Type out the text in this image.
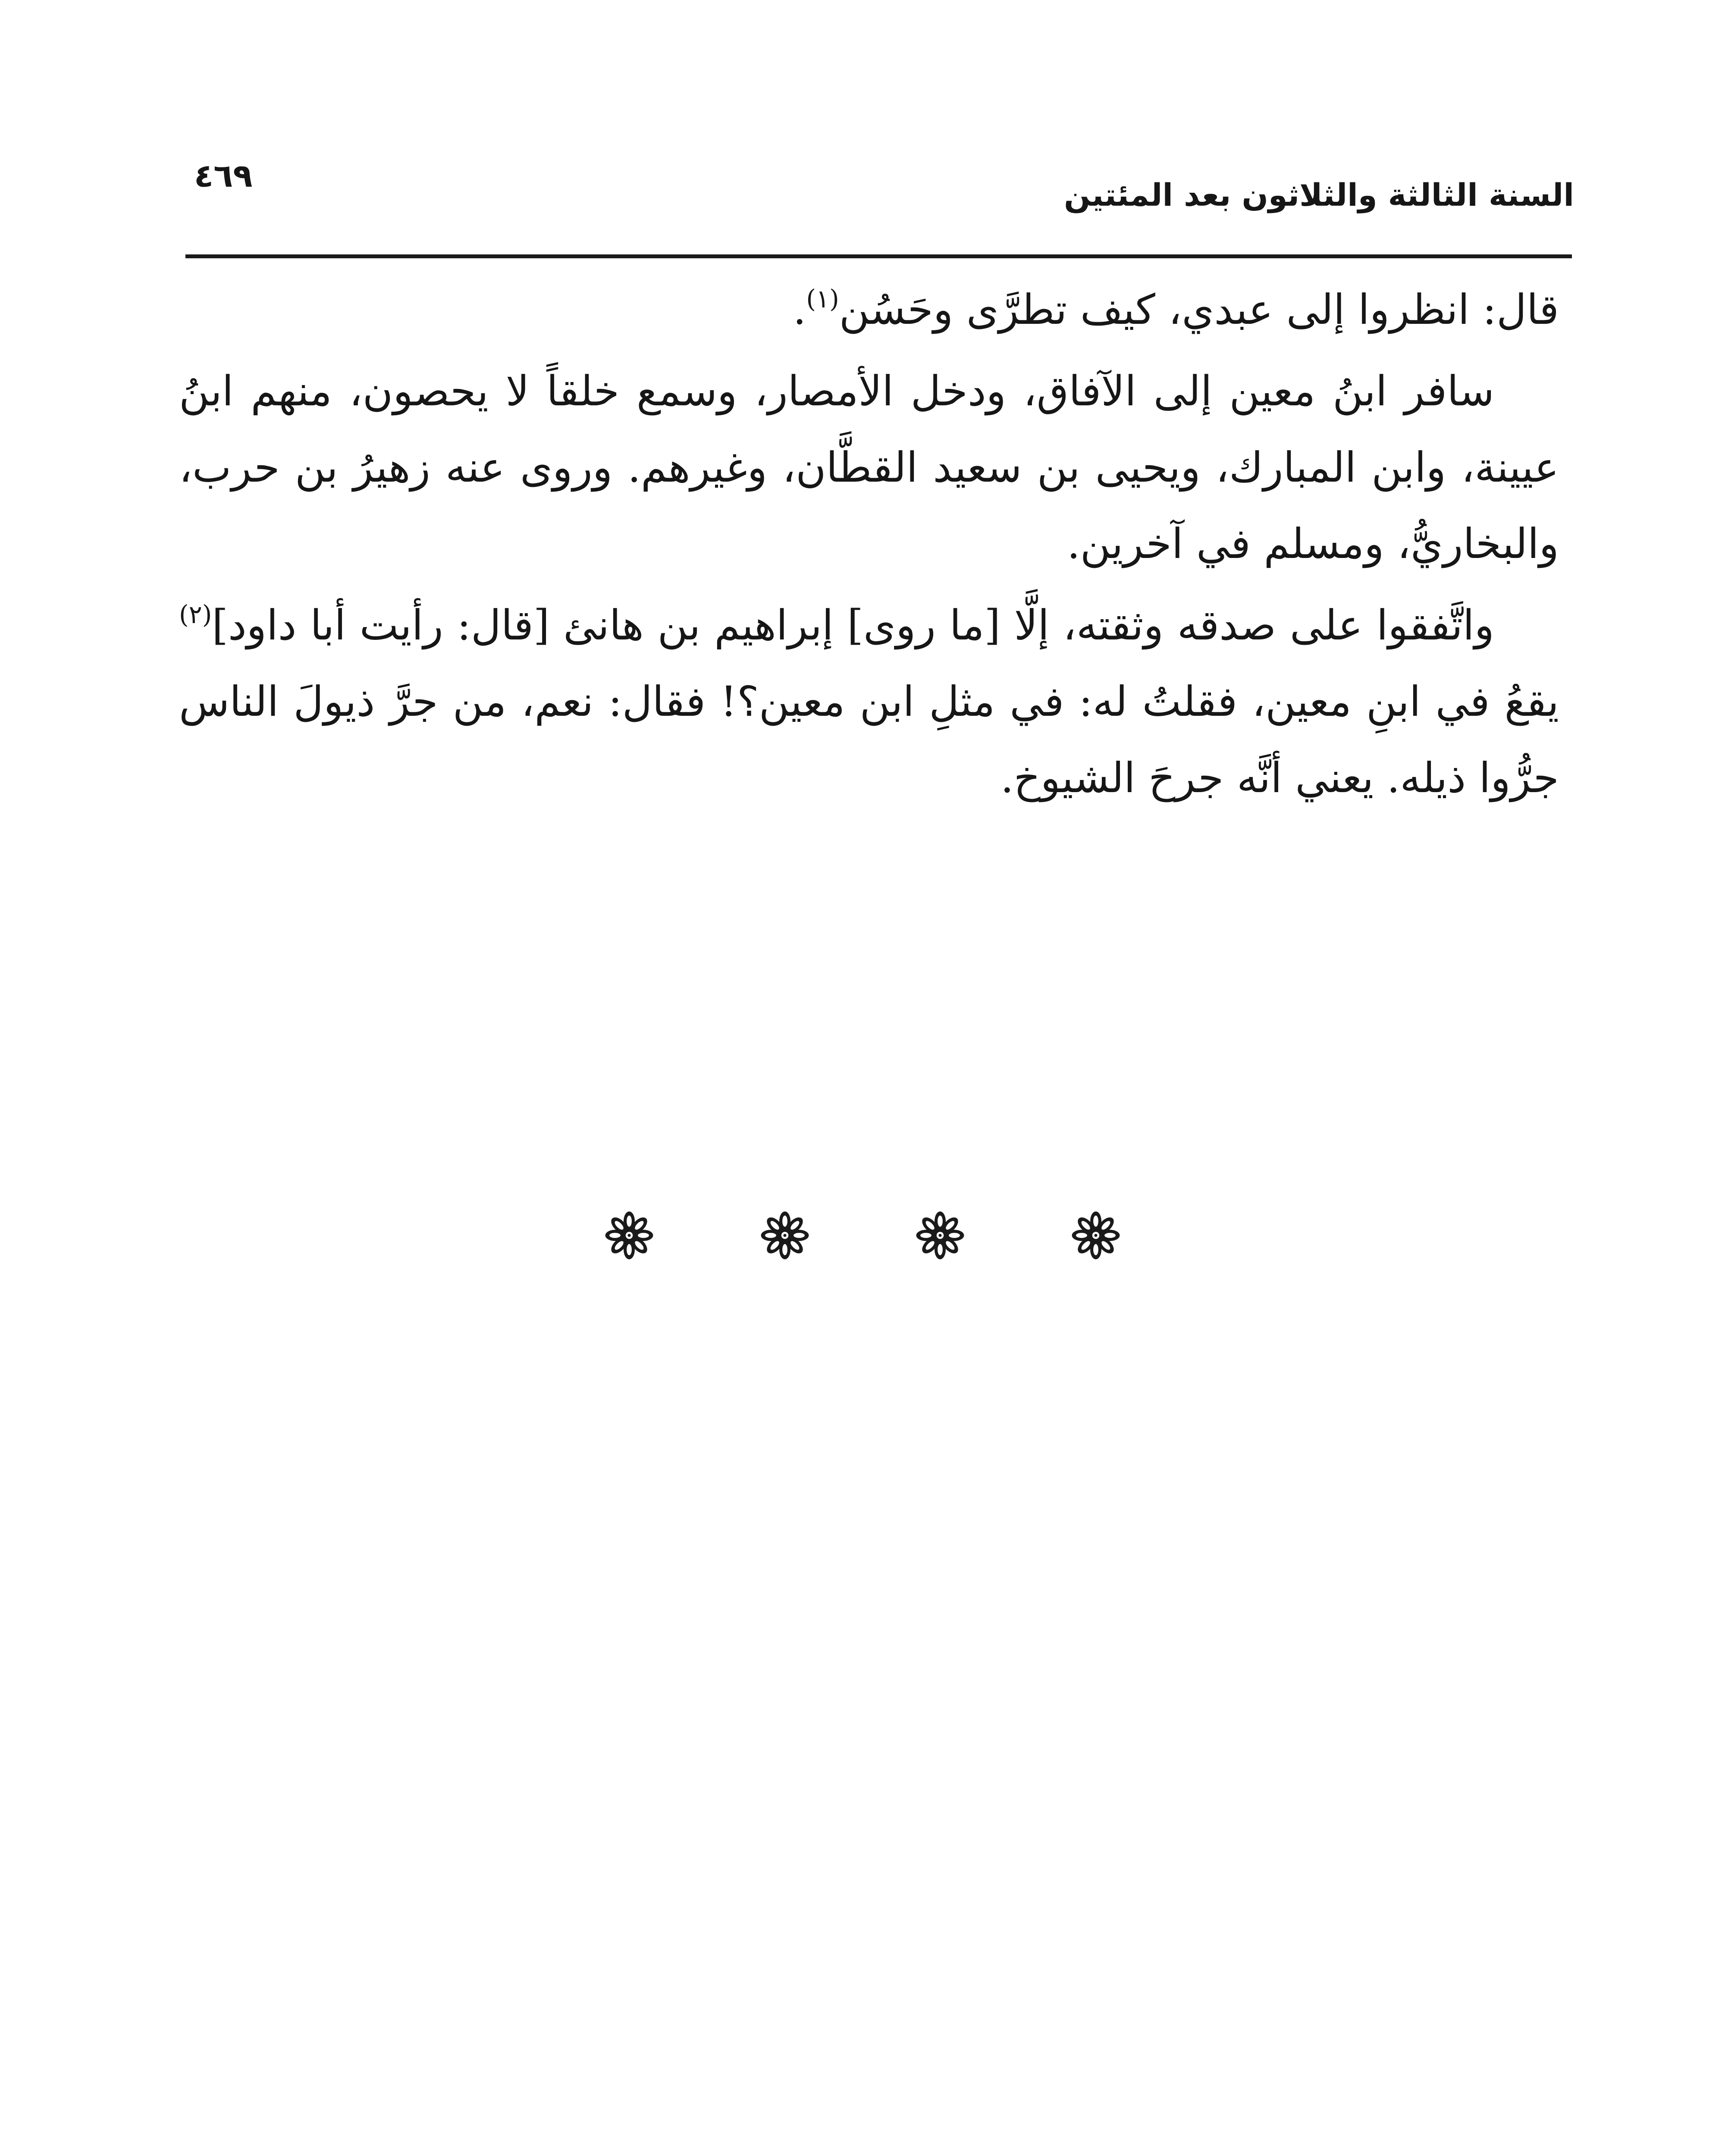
السنة الثالثة والثلاثون بعد المئتين
٤٦٩

قال: انظروا إلى عبدي، كيف تطرَّى وحَسُن$^{(١)}$.

سافر ابنُ معين إلى الآفاق، ودخل الأمصار، وسمع خلقاً لا يحصون، منهم ابنُ عيينة، وابن المبارك، ويحيى بن سعيد القطَّان، وغيرهم. وروى عنه زهيرُ بن حرب، والبخاريُّ، ومسلم في آخرين.

واتَّفقوا على صدقه وثقته، إلَّا [ما روى] إبراهيم بن هانئ [قال: رأيت أبا داود]$^{(٢)}$ يقعُ في ابنِ معين، فقلتُ له: في مثلِ ابن معين؟! فقال: نعم، من جرَّ ذيولَ الناس جرُّوا ذيله. يعني أنَّه جرحَ الشيوخ.
